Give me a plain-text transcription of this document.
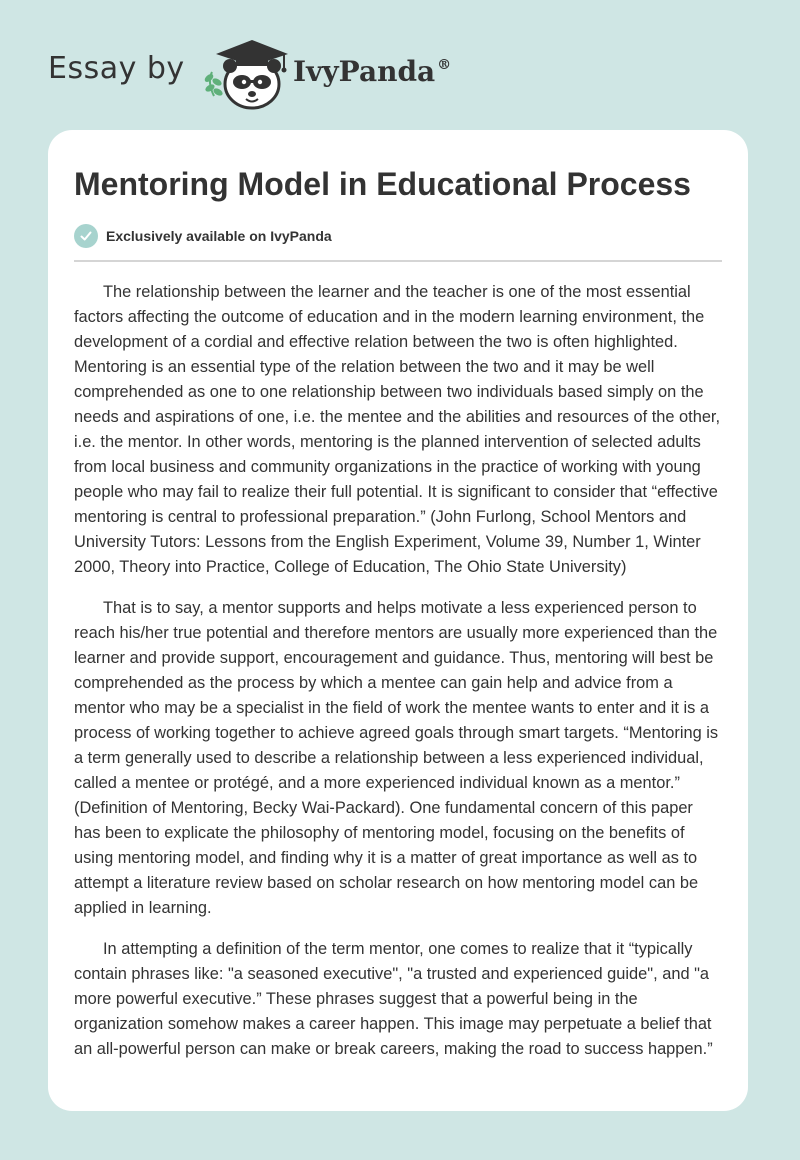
Essay by	IvyPanda ®
Mentoring Model in Educational Process
Exclusively available on IvyPanda

The relationship between the learner and the teacher is one of the most essential factors affecting the outcome of education and in the modern learning environment, the development of a cordial and effective relation between the two is often highlighted. Mentoring is an essential type of the relation between the two and it may be well comprehended as one to one relationship between two individuals based simply on the needs and aspirations of one, i.e. the mentee and the abilities and resources of the other, i.e. the mentor. In other words, mentoring is the planned intervention of selected adults from local business and community organizations in the practice of working with young people who may fail to realize their full potential. It is significant to consider that “effective mentoring is central to professional preparation.” (John Furlong, School Mentors and University Tutors: Lessons from the English Experiment, Volume 39, Number 1, Winter 2000, Theory into Practice, College of Education, The Ohio State University)

That is to say, a mentor supports and helps motivate a less experienced person to reach his/her true potential and therefore mentors are usually more experienced than the learner and provide support, encouragement and guidance. Thus, mentoring will best be comprehended as the process by which a mentee can gain help and advice from a mentor who may be a specialist in the field of work the mentee wants to enter and it is a process of working together to achieve agreed goals through smart targets. “Mentoring is a term generally used to describe a relationship between a less experienced individual, called a mentee or protégé, and a more experienced individual known as a mentor.” (Definition of Mentoring, Becky Wai-Packard). One fundamental concern of this paper has been to explicate the philosophy of mentoring model, focusing on the benefits of using mentoring model, and finding why it is a matter of great importance as well as to attempt a literature review based on scholar research on how mentoring model can be applied in learning.

In attempting a definition of the term mentor, one comes to realize that it “typically contain phrases like: "a seasoned executive", "a trusted and experienced guide", and "a more powerful executive.” These phrases suggest that a powerful being in the organization somehow makes a career happen. This image may perpetuate a belief that an all-powerful person can make or break careers, making the road to success happen.”
